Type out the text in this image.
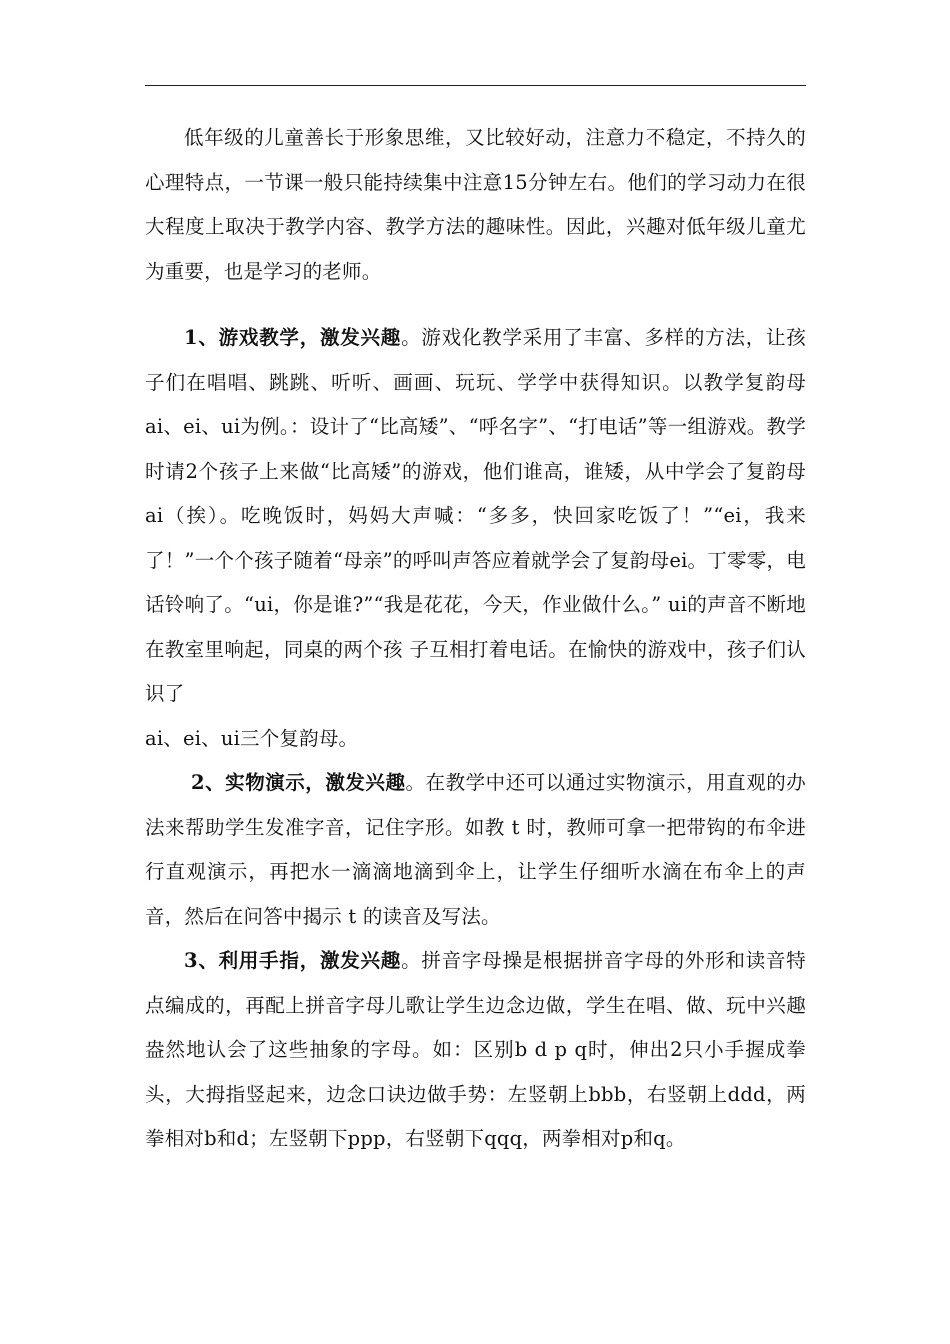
低年级的儿童善长于形象思维，又比较好动，注意力不稳定，不持久的心理特点，一节课一般只能持续集中注意15分钟左右。他们的学习动力在很大程度上取决于教学内容、教学方法的趣味性。因此，兴趣对低年级儿童尤为重要，也是学习的老师。

1、游戏教学，激发兴趣。游戏化教学采用了丰富、多样的方法，让孩子们在唱唱、跳跳、听听、画画、玩玩、学学中获得知识。以教学复韵母ai、ei、ui为例。：设计了“比高矮”、“呼名字”、“打电话”等一组游戏。教学时请2个孩子上来做“比高矮”的游戏，他们谁高，谁矮，从中学会了复韵母ai（挨）。吃晚饭时，妈妈大声喊：“多多，快回家吃饭了！”“ei，我来了！”一个个孩子随着“母亲”的呼叫声答应着就学会了复韵母ei。丁零零，电话铃响了。“ui，你是谁?”“我是花花，今天，作业做什么。” ui的声音不断地在教室里响起，同桌的两个孩 子互相打着电话。在愉快的游戏中，孩子们认识了

ai、ei、ui三个复韵母。

2、实物演示，激发兴趣。在教学中还可以通过实物演示，用直观的办法来帮助学生发准字音，记住字形。如教 t 时，教师可拿一把带钩的布伞进行直观演示，再把水一滴滴地滴到伞上，让学生仔细听水滴在布伞上的声音，然后在问答中揭示 t 的读音及写法。

3、利用手指，激发兴趣。拼音字母操是根据拼音字母的外形和读音特点编成的，再配上拼音字母儿歌让学生边念边做，学生在唱、做、玩中兴趣盎然地认会了这些抽象的字母。如：区别b d p q时，伸出2只小手握成拳头，大拇指竖起来，边念口诀边做手势：左竖朝上bbb，右竖朝上ddd，两拳相对b和d；左竖朝下ppp，右竖朝下qqq，两拳相对p和q。
